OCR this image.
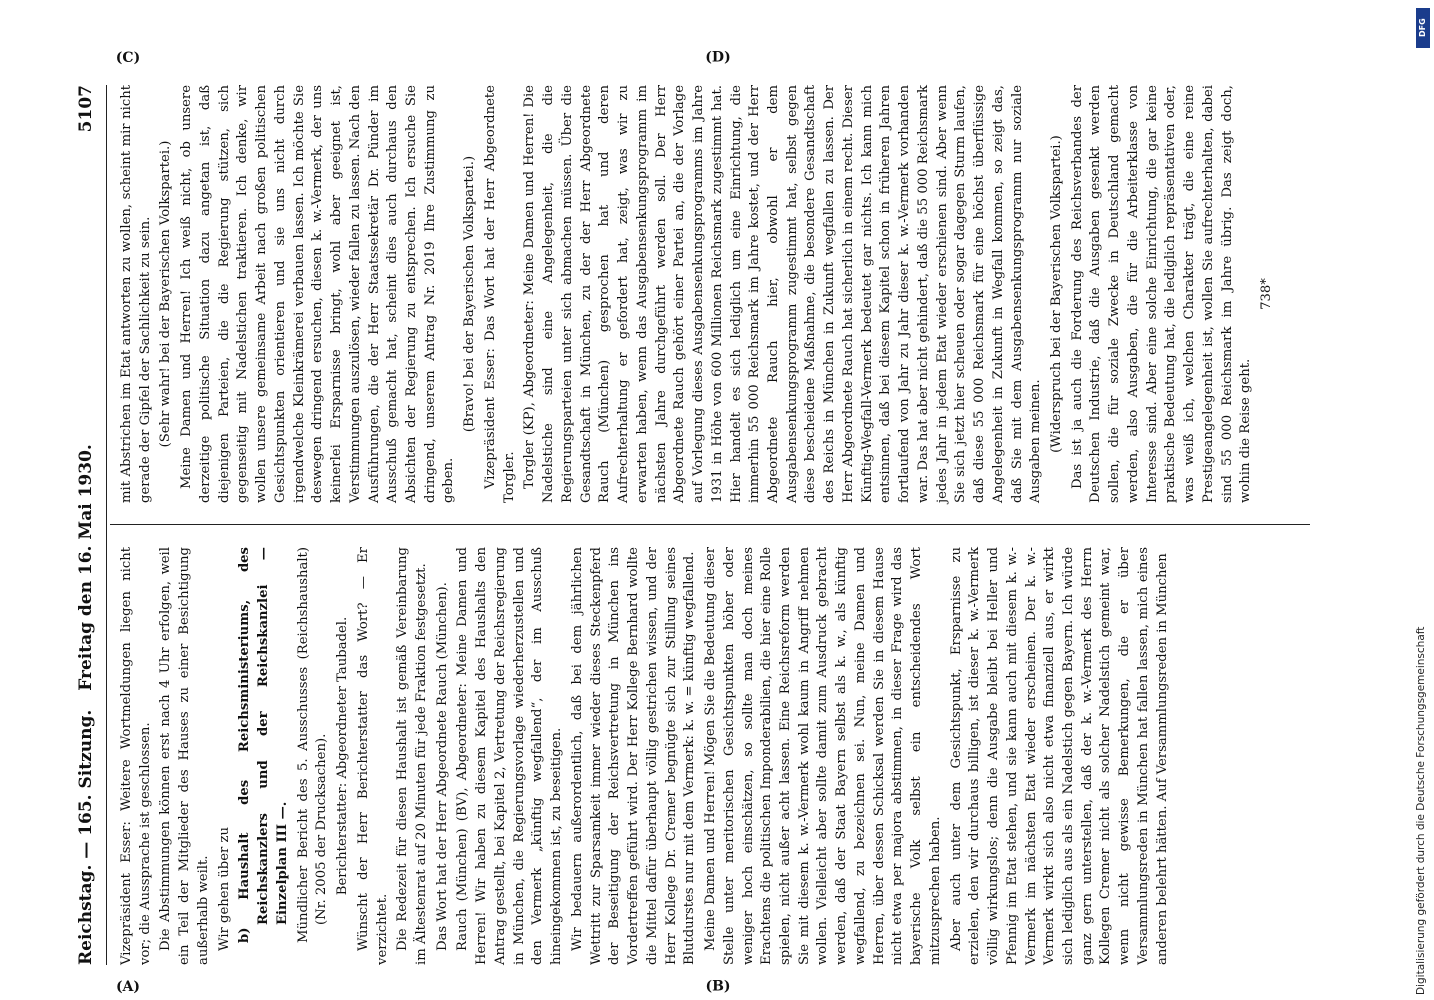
Reichstag. — 165. Sitzung.
Freitag den 16. Mai 1930.  5107
(A)	(B)
(C)	(D)

Vizepräsident Esser: Weitere Wortmeldungen liegen nicht vor; die Aussprache ist geschlossen. Die Abstimmungen können erst nach 4 Uhr erfolgen, weil ein Teil der Mitglieder des Hauses zu einer Besichtigung außerhalb weilt. Wir gehen über zu b) Haushalt des Reichsministeriums, des Reichskanzlers und der Reichskanzlei — Einzelplan III —. Mündlicher Bericht des 5. Ausschusses (Reichshaushalt) (Nr. 2005 der Drucksachen). Berichterstatter: Abgeordneter Taubadel. Wünscht der Herr Berichterstatter das Wort? — Er verzichtet. Die Redezeit für diesen Haushalt ist gemäß Vereinbarung im Ältestenrat auf 20 Minuten für jede Fraktion festgesetzt. Das Wort hat der Herr Abgeordnete Rauch (München). Rauch (München) (BV), Abgeordneter: Meine Damen und Herren! Wir haben zu diesem Kapitel des Haushalts den Antrag gestellt, bei Kapitel 2, Vertretung der Reichsregierung in München, die Regierungsvorlage wiederherzustellen und den Vermerk „künftig wegfallend“, der im Ausschuß hineingekommen ist, zu beseitigen. Wir bedauern außerordentlich, daß bei dem jährlichen Wettritt zur Sparsamkeit immer wieder dieses Steckenpferd der Beseitigung der Reichsvertretung in München ins Vordertreffen geführt wird. Der Herr Kollege Bernhard wollte die Mittel dafür überhaupt völlig gestrichen wissen, und der Herr Kollege Dr. Cremer begnügte sich zur Stillung seines Blutdurstes nur mit dem Vermerk: k. w. = künftig wegfallend. Meine Damen und Herren! Mögen Sie die Bedeutung dieser Stelle unter meritorischen Gesichtspunkten höher oder weniger hoch einschätzen, so sollte man doch meines Erachtens die politischen Imponderabilien, die hier eine Rolle spielen, nicht außer acht lassen. Eine Reichsreform werden Sie mit diesem k. w.-Vermerk wohl kaum in Angriff nehmen wollen. Vielleicht aber sollte damit zum Ausdruck gebracht werden, daß der Staat Bayern selbst als k. w., als künftig wegfallend, zu bezeichnen sei. Nun, meine Damen und Herren, über dessen Schicksal werden Sie in diesem Hause nicht etwa per majora abstimmen, in dieser Frage wird das bayerische Volk selbst ein entscheidendes Wort mitzusprechen haben. Aber auch unter dem Gesichtspunkt, Ersparnisse zu erzielen, den wir durchaus billigen, ist dieser k. w.-Vermerk völlig wirkungslos; denn die Ausgabe bleibt bei Heller und Pfennig im Etat stehen, und sie kann auch mit diesem k. w.-Vermerk im nächsten Etat wieder erscheinen. Der k. w.-Vermerk wirkt sich also nicht etwa finanziell aus, er wirkt sich lediglich aus als ein Nadelstich gegen Bayern. Ich würde ganz gern unterstellen, daß der k. w.-Vermerk des Herrn Kollegen Cremer nicht als solcher Nadelstich gemeint war, wenn nicht gewisse Bemerkungen, die er über Versammlungsreden in München hat fallen lassen, mich eines anderen belehrt hätten. Auf Versammlungsreden in München

mit Abstrichen im Etat antworten zu wollen, scheint mir nicht gerade der Gipfel der Sachlichkeit zu sein. (Sehr wahr! bei der Bayerischen Volkspartei.) Meine Damen und Herren! Ich weiß nicht, ob unsere derzeitige politische Situation dazu angetan ist, daß diejenigen Parteien, die die Regierung stützen, sich gegenseitig mit Nadelstichen traktieren. Ich denke, wir wollen unsere gemeinsame Arbeit nach großen politischen Gesichtspunkten orientieren und sie uns nicht durch irgendwelche Kleinkrämerei verbauen lassen. Ich möchte Sie deswegen dringend ersuchen, diesen k. w.-Vermerk, der uns keinerlei Ersparnisse bringt, wohl aber geeignet ist, Verstimmungen auszulösen, wieder fallen zu lassen. Nach den Ausführungen, die der Herr Staatssekretär Dr. Pünder im Ausschuß gemacht hat, scheint dies auch durchaus den Absichten der Regierung zu entsprechen. Ich ersuche Sie dringend, unserem Antrag Nr. 2019 Ihre Zustimmung zu geben.

(Bravo! bei der Bayerischen Volkspartei.) Vizepräsident Esser: Das Wort hat der Herr Abgeordnete Torgler. Torgler (KP), Abgeordneter: Meine Damen und Herren! Die Nadelstiche sind eine Angelegenheit, die die Regierungsparteien unter sich abmachen müssen. Über die Gesandtschaft in München, zu der der Herr Abgeordnete Rauch (München) gesprochen hat und deren Aufrechterhaltung er gefordert hat, zeigt, was wir zu erwarten haben, wenn das Ausgabensenkungsprogramm im nächsten Jahre durchgeführt werden soll. Der Herr Abgeordnete Rauch gehört einer Partei an, die der Vorlage auf Vorlegung dieses Ausgabensenkungsprogramms im Jahre 1931 in Höhe von 600 Millionen Reichsmark zugestimmt hat. Hier handelt es sich lediglich um eine Einrichtung, die immerhin 55 000 Reichsmark im Jahre kostet, und der Herr Abgeordnete Rauch hier, obwohl er dem Ausgabensenkungsprogramm zugestimmt hat, selbst gegen diese bescheidene Maßnahme, die besondere Gesandtschaft des Reichs in München in Zukunft wegfallen zu lassen. Der Herr Abgeordnete Rauch hat sicherlich in einem recht. Dieser Künftig-Wegfall-Vermerk bedeutet gar nichts. Ich kann mich entsinnen, daß bei diesem Kapitel schon in früheren Jahren fortlaufend von Jahr zu Jahr dieser k. w.-Vermerk vorhanden war. Das hat aber nicht gehindert, daß die 55 000 Reichsmark jedes Jahr in jedem Etat wieder erschienen sind. Aber wenn Sie sich jetzt hier scheuen oder sogar dagegen Sturm laufen, daß diese 55 000 Reichsmark für eine höchst überflüssige Angelegenheit in Zukunft in Wegfall kommen, so zeigt das, daß Sie mit dem Ausgabensenkungsprogramm nur soziale Ausgaben meinen. (Widerspruch bei der Bayerischen Volkspartei.) Das ist ja auch die Forderung des Reichsverbandes der Deutschen Industrie, daß die Ausgaben gesenkt werden sollen, die für soziale Zwecke in Deutschland gemacht werden, also Ausgaben, die für die Arbeiterklasse von Interesse sind. Aber eine solche Einrichtung, die gar keine praktische Bedeutung hat, die lediglich repräsentativen oder, was weiß ich, welchen Charakter trägt, die eine reine Prestigeangelegenheit ist, wollen Sie aufrechterhalten, dabei sind 55 000 Reichsmark im Jahre übrig. Das zeigt doch, wohin die Reise geht.

738*

DFG
Digitalisierung gefördert durch die Deutsche Forschungsgemeinschaft
